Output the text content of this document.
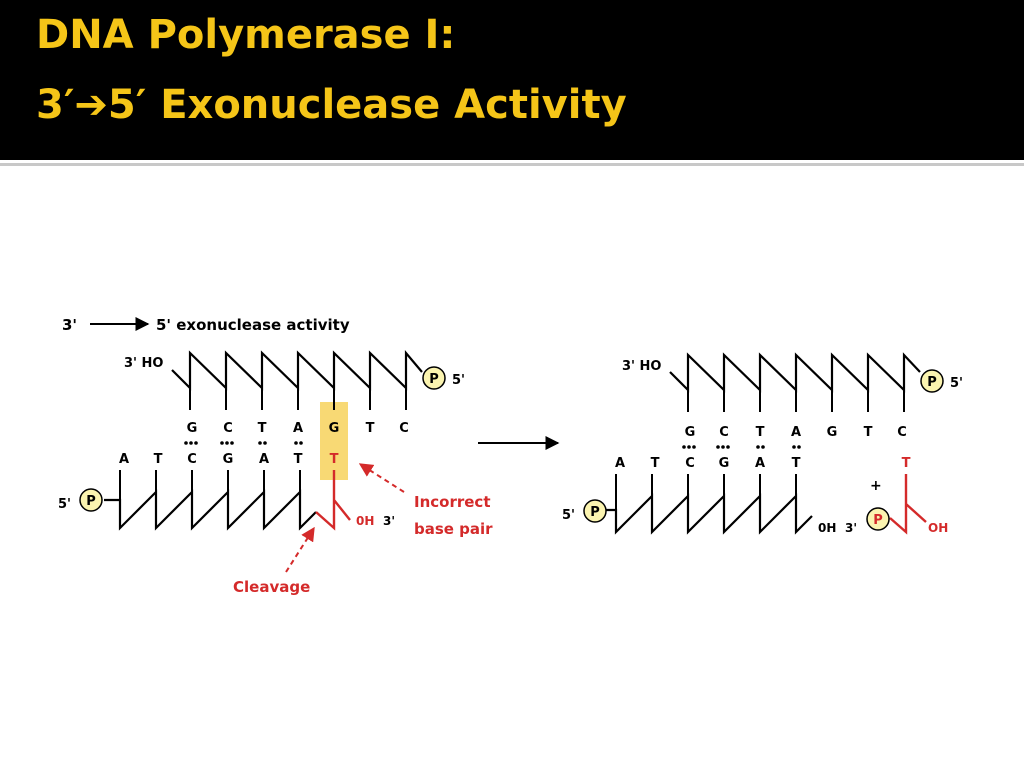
DNA Polymerase I:
3′➔5′ Exonuclease Activity
3'	5' exonuclease activity
3' HO
P 5'
G C T A G T C
A T C G A T T
P
5'
0H 3'
Incorrect
base pair
Cleavage
3' HO
P 5'
G C T A G T C
A T C G A T
P
5'
0H 3'
+
T
P	OH
